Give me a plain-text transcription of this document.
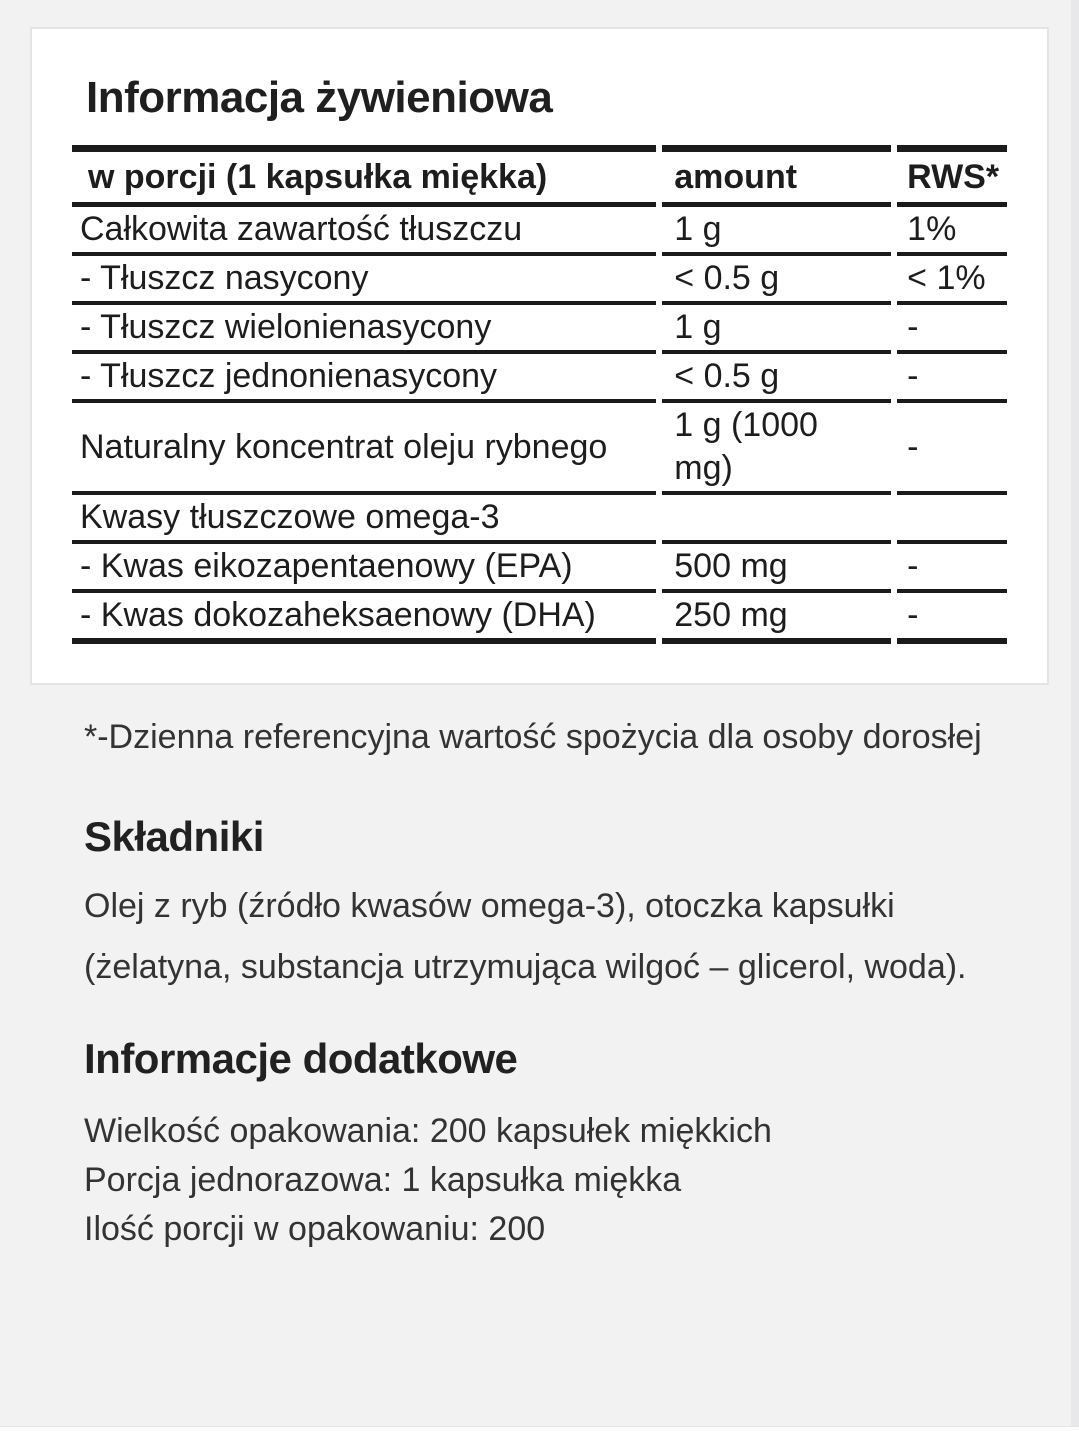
Informacja żywieniowa
w porcji (1 kapsułka miękka)	amount	RWS*
Całkowita zawartość tłuszczu	1 g	1%
- Tłuszcz nasycony	< 0.5 g	< 1%
- Tłuszcz wielonienasycony	1 g	-
- Tłuszcz jednonienasycony	< 0.5 g	-
Naturalny koncentrat oleju rybnego	1 g (1000 mg)	-
Kwasy tłuszczowe omega-3		
- Kwas eikozapentaenowy (EPA)	500 mg	-
- Kwas dokozaheksaenowy (DHA)	250 mg	-

*-Dzienna referencyjna wartość spożycia dla osoby dorosłej

Składniki

Olej z ryb (źródło kwasów omega-3), otoczka kapsułki (żelatyna, substancja utrzymująca wilgoć – glicerol, woda).

Informacje dodatkowe
Wielkość opakowania: 200 kapsułek miękkich
Porcja jednorazowa: 1 kapsułka miękka
Ilość porcji w opakowaniu: 200
